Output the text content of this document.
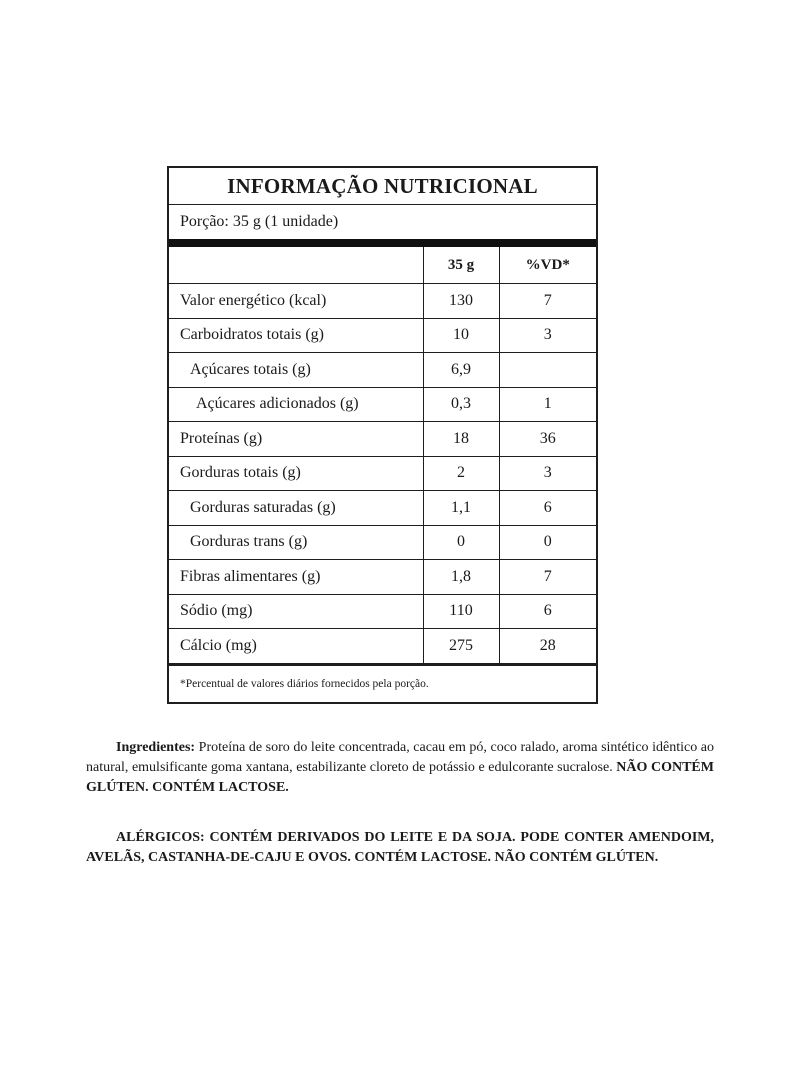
INFORMAÇÃO NUTRICIONAL
Porção: 35 g (1 unidade)
	35 g	%VD*
Valor energético (kcal)	130	7
Carboidratos totais (g)	10	3
Açúcares totais (g)	6,9	
Açúcares adicionados (g)	0,3	1
Proteínas (g)	18	36
Gorduras totais (g)	2	3
Gorduras saturadas (g)	1,1	6
Gorduras trans (g)	0	0
Fibras alimentares (g)	1,8	7
Sódio (mg)	110	6
Cálcio (mg)	275	28
*Percentual de valores diários fornecidos pela porção.
Ingredientes: Proteína de soro do leite concentrada, cacau em pó, coco ralado, aroma sintético idêntico ao natural, emulsificante goma xantana, estabilizante cloreto de potássio e edulcorante sucralose. NÃO CONTÉM GLÚTEN. CONTÉM LACTOSE.
ALÉRGICOS: CONTÉM DERIVADOS DO LEITE E DA SOJA. PODE CONTER AMENDOIM, AVELÃS, CASTANHA-DE-CAJU E OVOS. CONTÉM LACTOSE. NÃO CONTÉM GLÚTEN.
